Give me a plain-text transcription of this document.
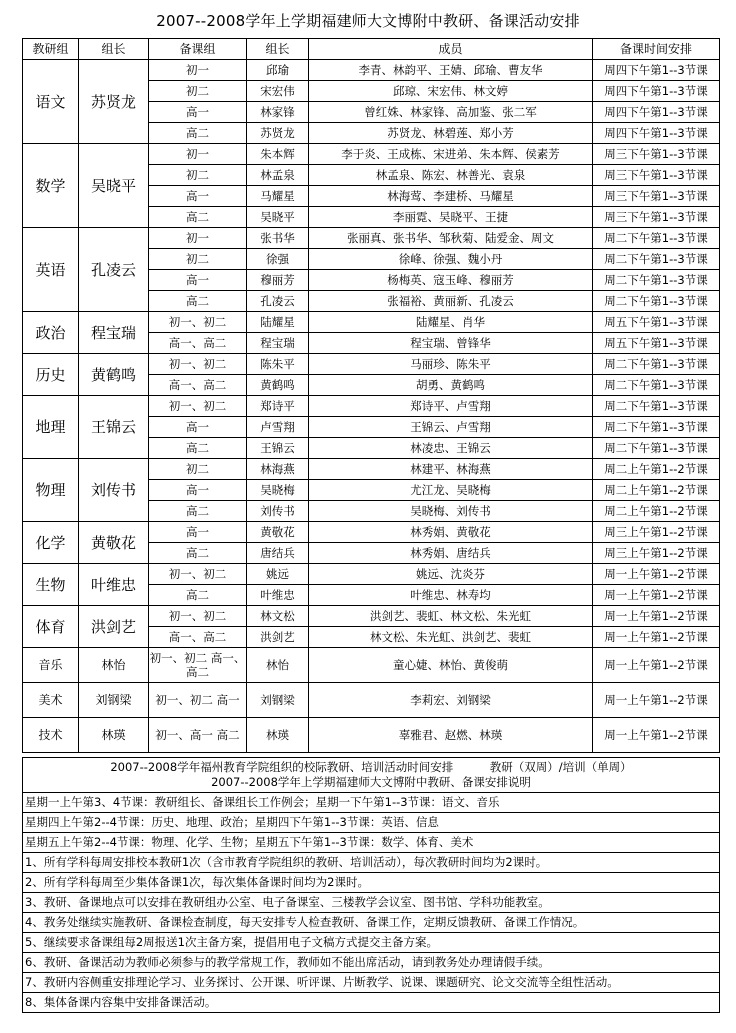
2007--2008学年上学期福建师大文博附中教研、备课活动安排
教研组	组长	备课组	组长	成员	备课时间安排
语文	苏贤龙	初一	邱瑜	李青、林韵平、王婧、邱瑜、曹友华	周四下午第1--3节课
		初二	宋宏伟	邱琼、宋宏伟、林文婷	周四下午第1--3节课
		高一	林家锋	曾红姝、林家锋、高加鉴、张二军	周四下午第1--3节课
		高二	苏贤龙	苏贤龙、林碧莲、郑小芳	周四下午第1--3节课
数学	吴晓平	初一	朱本辉	李于炎、王成栋、宋进弟、朱本辉、侯素芳	周三下午第1--3节课
		初二	林孟泉	林孟泉、陈宏、林善光、袁泉	周三下午第1--3节课
		高一	马耀星	林海莺、李建桥、马耀星	周三下午第1--3节课
		高二	吴晓平	李丽霓、吴晓平、王捷	周三下午第1--3节课
英语	孔凌云	初一	张书华	张丽真、张书华、邹秋菊、陆爱金、周文	周二下午第1--3节课
		初二	徐强	徐峰、徐强、魏小丹	周二下午第1--3节课
		高一	穆丽芳	杨梅英、寇玉峰、穆丽芳	周二下午第1--3节课
		高二	孔凌云	张福裕、黄丽新、孔凌云	周二下午第1--3节课
政治	程宝瑞	初一、初二	陆耀星	陆耀星、肖华	周五下午第1--3节课
		高一、高二	程宝瑞	程宝瑞、曾锋华	周五下午第1--3节课
历史	黄鹤鸣	初一、初二	陈朱平	马丽珍、陈朱平	周二下午第1--3节课
		高一、高二	黄鹤鸣	胡勇、黄鹤鸣	周二下午第1--3节课
地理	王锦云	初一、初二	郑诗平	郑诗平、卢雪翔	周二下午第1--3节课
		高一	卢雪翔	王锦云、卢雪翔	周二下午第1--3节课
		高二	王锦云	林凌忠、王锦云	周二下午第1--3节课
物理	刘传书	初二	林海燕	林建平、林海燕	周二上午第1--2节课
		高一	吴晓梅	尤江龙、吴晓梅	周二上午第1--2节课
		高二	刘传书	吴晓梅、刘传书	周二上午第1--2节课
化学	黄敬花	高一	黄敬花	林秀娟、黄敬花	周三上午第1--2节课
		高二	唐结兵	林秀娟、唐结兵	周三上午第1--2节课
生物	叶维忠	初一、初二	姚远	姚远、沈炎芬	周一上午第1--2节课
		高二	叶维忠	叶维忠、林寿均	周一上午第1--2节课
体育	洪剑艺	初一、初二	林文松	洪剑艺、裴虹、林文松、朱光虹	周一上午第1--2节课
		高一、高二	洪剑艺	林文松、朱光虹、洪剑艺、裴虹	周一上午第1--2节课
音乐	林怡	初一、初二 高一、高二	林怡	童心婕、林怡、黄俊萌	周一上午第1--2节课
美术	刘钢梁	初一、初二 高一	刘钢梁	李莉宏、刘钢梁	周一上午第1--2节课
技术	林瑛	初一、高一 高二	林瑛	辜雅君、赵燃、林瑛	周一上午第1--2节课
2007--2008学年福州教育学院组织的校际教研、培训活动时间安排          教研（双周）/培训（单周）
2007--2008学年上学期福建师大文博附中教研、备课安排说明

星期一上午第3、4节课：教研组长、备课组长工作例会；星期一下午第1--3节课：语文、音乐
星期四上午第2--4节课：历史、地理、政治；星期四下午第1--3节课：英语、信息
星期五上午第2--4节课：物理、化学、生物；星期五下午第1--3节课：数学、体育、美术
1、所有学科每周安排校本教研1次（含市教育学院组织的教研、培训活动），每次教研时间均为2课时。
2、所有学科每周至少集体备课1次，每次集体备课时间均为2课时。
3、教研、备课地点可以安排在教研组办公室、电子备课室、三楼教学会议室、图书馆、学科功能教室。
4、教务处继续实施教研、备课检查制度，每天安排专人检查教研、备课工作，定期反馈教研、备课工作情况。
5、继续要求备课组每2周报送1次主备方案，提倡用电子文稿方式提交主备方案。
6、教研、备课活动为教师必须参与的教学常规工作，教师如不能出席活动，请到教务处办理请假手续。
7、教研内容侧重安排理论学习、业务探讨、公开课、听评课、片断教学、说课、课题研究、论文交流等全组性活动。
8、集体备课内容集中安排备课活动。
